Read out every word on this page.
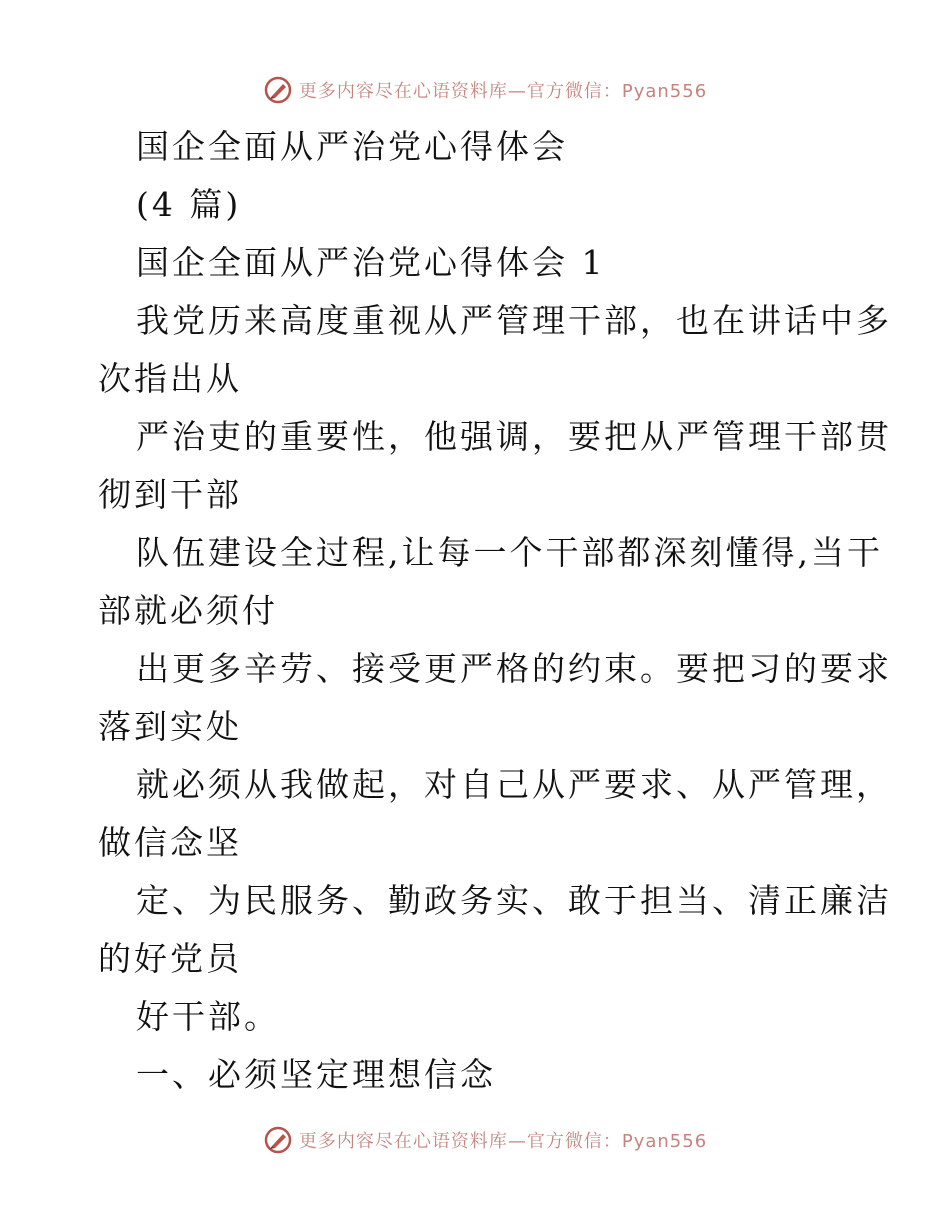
更多内容尽在心语资料库—官方微信：Pyan556
国企全面从严治党心得体会
(4 篇)
国企全面从严治党心得体会 1
我党历来高度重视从严管理干部，也在讲话中多
次指出从
严治吏的重要性，他强调，要把从严管理干部贯
彻到干部
队伍建设全过程,让每一个干部都深刻懂得,当干
部就必须付
出更多辛劳、接受更严格的约束。要把习的要求
落到实处
就必须从我做起，对自己从严要求、从严管理，
做信念坚
定、为民服务、勤政务实、敢于担当、清正廉洁
的好党员
好干部。
一、必须坚定理想信念
更多内容尽在心语资料库—官方微信：Pyan556
